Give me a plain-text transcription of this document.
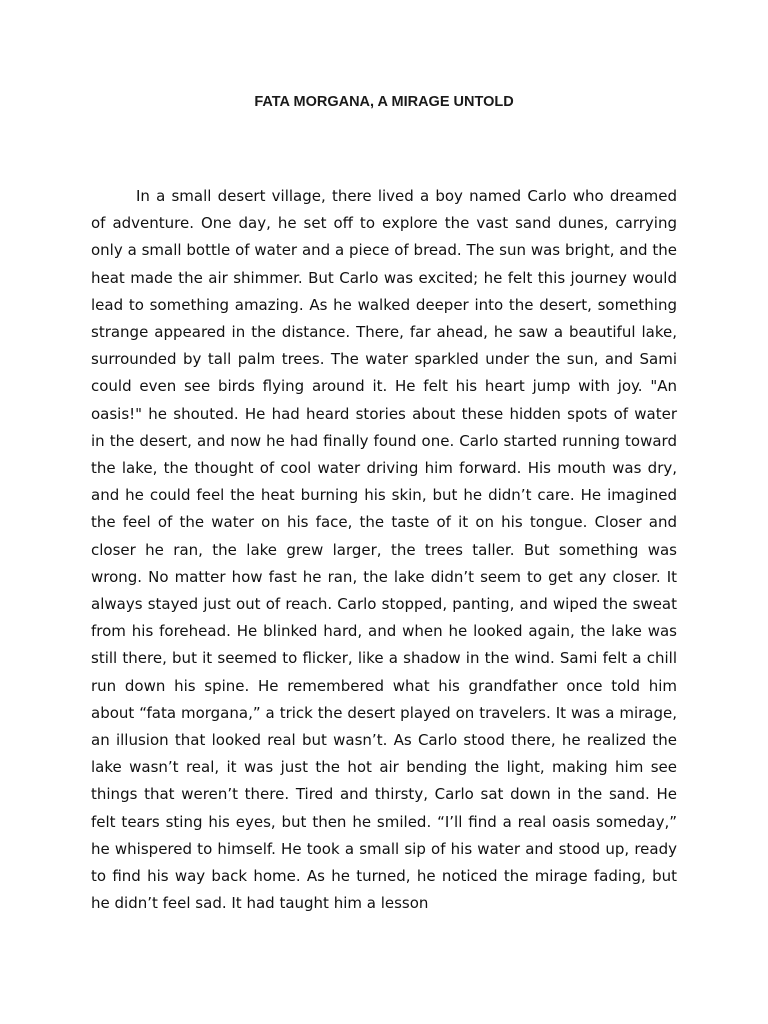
FATA MORGANA, A MIRAGE UNTOLD

In a small desert village, there lived a boy named Carlo who dreamed of adventure. One day, he set off to explore the vast sand dunes, carrying only a small bottle of water and a piece of bread. The sun was bright, and the heat made the air shimmer. But Carlo was excited; he felt this journey would lead to something amazing. As he walked deeper into the desert, something strange appeared in the distance. There, far ahead, he saw a beautiful lake, surrounded by tall palm trees. The water sparkled under the sun, and Sami could even see birds flying around it. He felt his heart jump with joy. "An oasis!" he shouted. He had heard stories about these hidden spots of water in the desert, and now he had finally found one. Carlo started running toward the lake, the thought of cool water driving him forward. His mouth was dry, and he could feel the heat burning his skin, but he didn’t care. He imagined the feel of the water on his face, the taste of it on his tongue. Closer and closer he ran, the lake grew larger, the trees taller. But something was wrong. No matter how fast he ran, the lake didn’t seem to get any closer. It always stayed just out of reach. Carlo stopped, panting, and wiped the sweat from his forehead. He blinked hard, and when he looked again, the lake was still there, but it seemed to flicker, like a shadow in the wind. Sami felt a chill run down his spine. He remembered what his grandfather once told him about “fata morgana,” a trick the desert played on travelers. It was a mirage, an illusion that looked real but wasn’t. As Carlo stood there, he realized the lake wasn’t real, it was just the hot air bending the light, making him see things that weren’t there. Tired and thirsty, Carlo sat down in the sand. He felt tears sting his eyes, but then he smiled. “I’ll find a real oasis someday,” he whispered to himself. He took a small sip of his water and stood up, ready to find his way back home. As he turned, he noticed the mirage fading, but he didn’t feel sad. It had taught him a lesson
